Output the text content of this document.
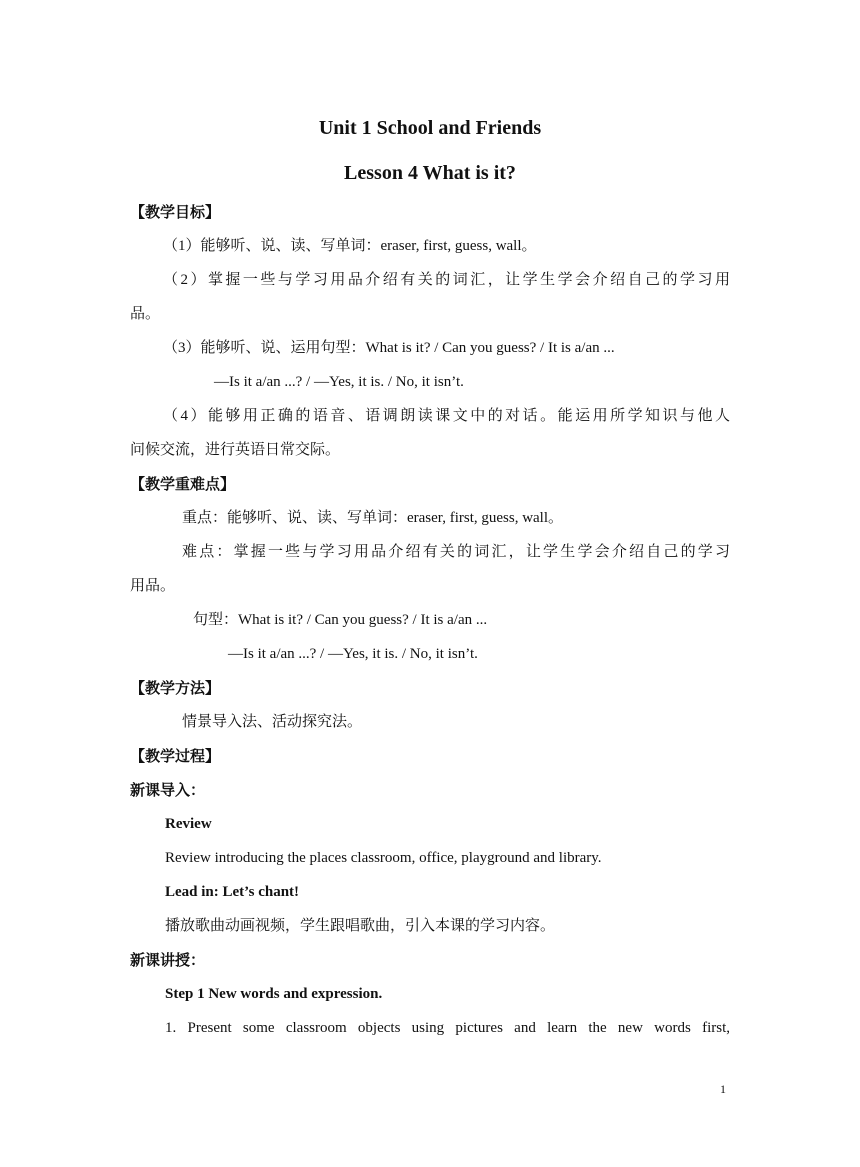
Unit 1 School and Friends
Lesson 4 What is it?
【教学目标】
（1）能够听、说、读、写单词：eraser, first, guess, wall。
（2）掌握一些与学习用品介绍有关的词汇，让学生学会介绍自己的学习用
品。
（3）能够听、说、运用句型：What is it? / Can you guess? / It is a/an ...
—Is it a/an ...? / —Yes, it is. / No, it isn’t.
（4）能够用正确的语音、语调朗读课文中的对话。能运用所学知识与他人
问候交流，进行英语日常交际。
【教学重难点】
重点：能够听、说、读、写单词：eraser, first, guess, wall。
难点：掌握一些与学习用品介绍有关的词汇，让学生学会介绍自己的学习
用品。
句型：What is it? / Can you guess? / It is a/an ...
—Is it a/an ...? / —Yes, it is. / No, it isn’t.
【教学方法】
情景导入法、活动探究法。
【教学过程】
新课导入：
Review
Review introducing the places classroom, office, playground and library.
Lead in: Let’s chant!
播放歌曲动画视频，学生跟唱歌曲，引入本课的学习内容。
新课讲授：
Step 1 New words and expression.
1. Present some classroom objects using pictures and learn the new words first,
1
